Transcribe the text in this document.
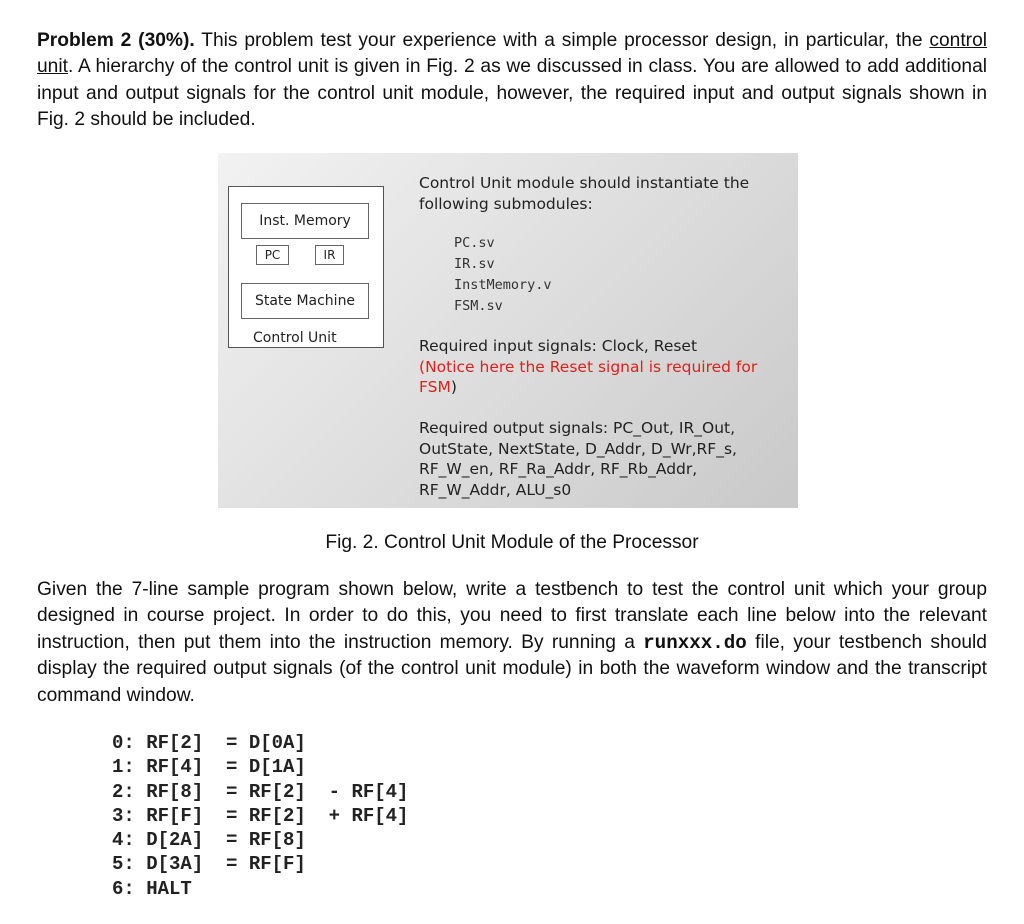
Problem 2 (30%). This problem test your experience with a simple processor design, in particular, the control unit. A hierarchy of the control unit is given in Fig. 2 as we discussed in class. You are allowed to add additional input and output signals for the control unit module, however, the required input and output signals shown in Fig. 2 should be included.

Inst. Memory
PC	IR
State Machine
Control Unit

Control Unit module should instantiate the following submodules:

PC.sv
IR.sv
InstMemory.v
FSM.sv

Required input signals: Clock, Reset
(Notice here the Reset signal is required for FSM)

Required output signals: PC_Out, IR_Out, OutState, NextState, D_Addr, D_Wr,RF_s, RF_W_en, RF_Ra_Addr, RF_Rb_Addr, RF_W_Addr, ALU_s0

Fig. 2. Control Unit Module of the Processor

Given the 7-line sample program shown below, write a testbench to test the control unit which your group designed in course project. In order to do this, you need to first translate each line below into the relevant instruction, then put them into the instruction memory. By running a runxxx.do file, your testbench should display the required output signals (of the control unit module) in both the waveform window and the transcript command window.

0: RF[2]  = D[0A]
1: RF[4]  = D[1A]
2: RF[8]  = RF[2]  - RF[4]
3: RF[F]  = RF[2]  + RF[4]
4: D[2A]  = RF[8]
5: D[3A]  = RF[F]
6: HALT
